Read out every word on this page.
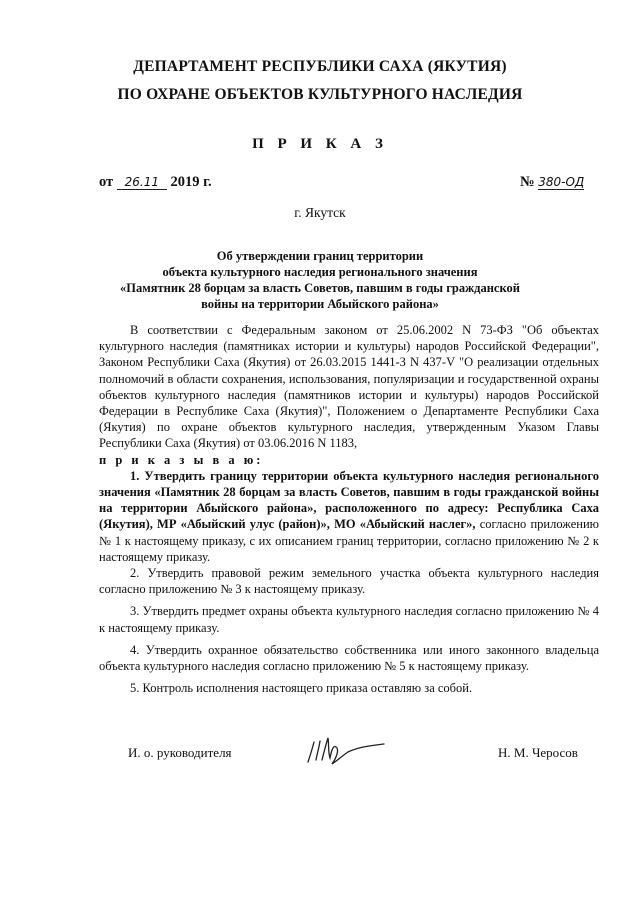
ДЕПАРТАМЕНТ РЕСПУБЛИКИ САХА (ЯКУТИЯ)
ПО ОХРАНЕ ОБЪЕКТОВ КУЛЬТУРНОГО НАСЛЕДИЯ
П Р И К А З
от 26.11 2019 г.	№ 380-ОД
г. Якутск
Об утверждении границ территории
объекта культурного наследия регионального значения
«Памятник 28 борцам за власть Советов, павшим в годы гражданской войны на территории Абыйского района»

В соответствии с Федеральным законом от 25.06.2002 N 73-ФЗ "Об объектах культурного наследия (памятниках истории и культуры) народов Российской Федерации", Законом Республики Саха (Якутия) от 26.03.2015 1441-З N 437-V "О реализации отдельных полномочий в области сохранения, использования, популяризации и государственной охраны объектов культурного наследия (памятников истории и культуры) народов Российской Федерации в Республике Саха (Якутия)", Положением о Департаменте Республики Саха (Якутия) по охране объектов культурного наследия, утвержденным Указом Главы Республики Саха (Якутия) от 03.06.2016 N 1183,

п р и к а з ы в а ю:

1. Утвердить границу территории объекта культурного наследия регионального значения «Памятник 28 борцам за власть Советов, павшим в годы гражданской войны на территории Абыйского района», расположенного по адресу: Республика Саха (Якутия), МР «Абыйский улус (район)», МО «Абыйский наслег», согласно приложению № 1 к настоящему приказу, с их описанием границ территории, согласно приложению № 2 к настоящему приказу.

2. Утвердить правовой режим земельного участка объекта культурного наследия согласно приложению № 3 к настоящему приказу.

3. Утвердить предмет охраны объекта культурного наследия согласно приложению № 4 к настоящему приказу.

4. Утвердить охранное обязательство собственника или иного законного владельца объекта культурного наследия согласно приложению № 5 к настоящему приказу.

5. Контроль исполнения настоящего приказа оставляю за собой.

И. о. руководителя	Н. М. Черосов
